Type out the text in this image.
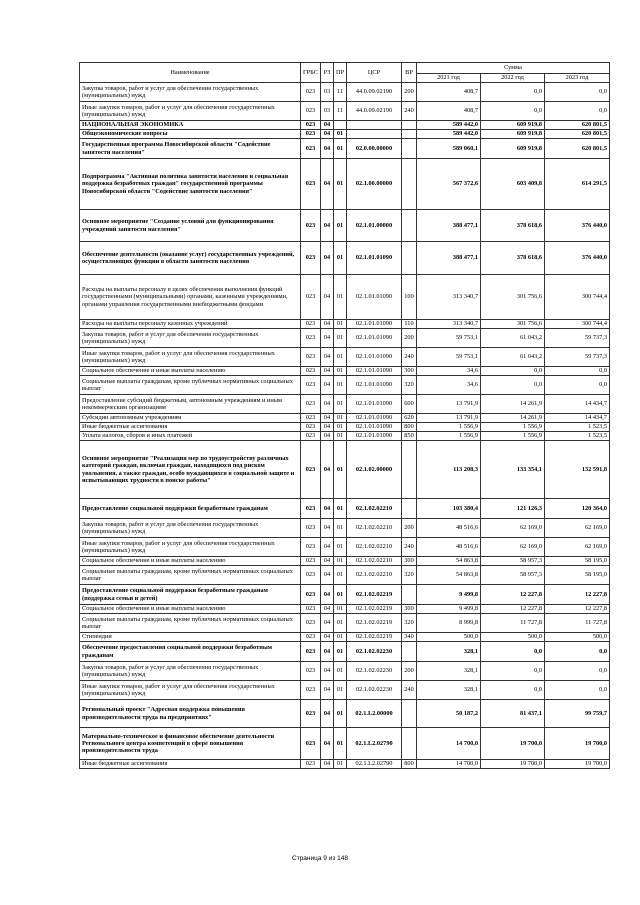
Наименование	ГРБС	РЗ	ПР	ЦСР	ВР	Сумма		
						2021 год	2022 год	2023 год
Закупка товаров, работ и услуг для обеспечения государственных (муниципальных) нужд	023	03	11	44.0.09.02190	200	408,7	0,0	0,0
Иные закупки товаров, работ и услуг для обеспечения государственных (муниципальных) нужд	023	03	11	44.0.09.02190	240	408,7	0,0	0,0
НАЦИОНАЛЬНАЯ ЭКОНОМИКА	023	04				589 442,0	609 919,8	620 801,5
Общеэкономические вопросы	023	04	01			589 442,0	609 919,8	620 801,5
Государственная программа Новосибирской области "Содействие занятости населения"	023	04	01	02.0.00.00000		589 060,1	609 919,8	620 801,5
Подпрограмма "Активная политика занятости населения и социальная поддержка безработных граждан" государственной программы Новосибирской области "Содействие занятости населения"	023	04	01	02.1.00.00000		567 372,6	603 409,8	614 291,5
Основное мероприятие "Создание условий для функционирования учреждений занятости населения"	023	04	01	02.1.01.00000		388 477,1	378 618,6	376 440,0
Обеспечение деятельности (оказание услуг) государственных учреждений, осуществляющих функции в области занятости населения	023	04	01	02.1.01.01090		388 477,1	378 618,6	376 440,0
Расходы на выплаты персоналу в целях обеспечения выполнения функций государственными (муниципальными) органами, казенными учреждениями, органами управления государственными внебюджетными фондами	023	04	01	02.1.01.01090	100	313 340,7	301 756,6	300 744,4
Расходы на выплаты персоналу казенных учреждений	023	04	01	02.1.01.01090	110	313 340,7	301 756,6	300 744,4
Закупка товаров, работ и услуг для обеспечения государственных (муниципальных) нужд	023	04	01	02.1.01.01090	200	59 753,1	61 043,2	59 737,3
Иные закупки товаров, работ и услуг для обеспечения государственных (муниципальных) нужд	023	04	01	02.1.01.01090	240	59 753,1	61 043,2	59 737,3
Социальное обеспечение и иные выплаты населению	023	04	01	02.1.01.01090	300	34,6	0,0	0,0
Социальные выплаты гражданам, кроме публичных нормативных социальных выплат	023	04	01	02.1.01.01090	320	34,6	0,0	0,0
Предоставление субсидий бюджетным, автономным учреждениям и иным некоммерческим организациям	023	04	01	02.1.01.01090	600	13 791,9	14 261,9	14 434,7
Субсидии автономным учреждениям	023	04	01	02.1.01.01090	620	13 791,9	14 261,9	14 434,7
Иные бюджетные ассигнования	023	04	01	02.1.01.01090	800	1 556,9	1 556,9	1 523,5
Уплата налогов, сборов и иных платежей	023	04	01	02.1.01.01090	850	1 556,9	1 556,9	1 523,5
Основное мероприятие "Реализация мер по трудоустройству различных категорий граждан, включая граждан, находящихся под риском увольнения, а также граждан, особо нуждающихся в социальной защите и испытывающих трудности в поиске работы"	023	04	01	02.1.02.00000		113 208,3	133 354,1	132 591,8
Предоставление социальной поддержки безработным гражданам	023	04	01	02.1.02.02210		103 380,4	121 126,3	120 364,0
Закупка товаров, работ и услуг для обеспечения государственных (муниципальных) нужд	023	04	01	02.1.02.02210	200	48 516,6	62 169,0	62 169,0
Иные закупки товаров, работ и услуг для обеспечения государственных (муниципальных) нужд	023	04	01	02.1.02.02210	240	48 516,6	62 169,0	62 169,0
Социальное обеспечение и иные выплаты населению	023	04	01	02.1.02.02210	300	54 863,8	58 957,3	58 195,0
Социальные выплаты гражданам, кроме публичных нормативных социальных выплат	023	04	01	02.1.02.02210	320	54 863,8	58 957,3	58 195,0
Предоставление социальной поддержки безработным гражданам (поддержка семьи и детей)	023	04	01	02.1.02.02219		9 499,8	12 227,8	12 227,8
Социальное обеспечение и иные выплаты населению	023	04	01	02.1.02.02219	300	9 499,8	12 227,8	12 227,8
Социальные выплаты гражданам, кроме публичных нормативных социальных выплат	023	04	01	02.1.02.02219	320	8 999,8	11 727,8	11 727,8
Стипендии	023	04	01	02.1.02.02219	340	500,0	500,0	500,0
Обеспечение предоставления социальной поддержки безработным гражданам	023	04	01	02.1.02.02230		328,1	0,0	0,0
Закупка товаров, работ и услуг для обеспечения государственных (муниципальных) нужд	023	04	01	02.1.02.02230	200	328,1	0,0	0,0
Иные закупки товаров, работ и услуг для обеспечения государственных (муниципальных) нужд	023	04	01	02.1.02.02230	240	328,1	0,0	0,0
Региональный проект "Адресная поддержка повышения производительности труда на предприятиях"	023	04	01	02.1.L2.00000		50 187,2	81 437,1	99 759,7
Материально-техническое и финансовое обеспечение деятельности Регионального центра компетенций в сфере повышения производительности труда	023	04	01	02.1.L2.02790		14 700,0	19 700,0	19 700,0
Иные бюджетные ассигнования	023	04	01	02.1.L2.02790	800	14 700,0	19 700,0	19 700,0
Страница 9 из 148
